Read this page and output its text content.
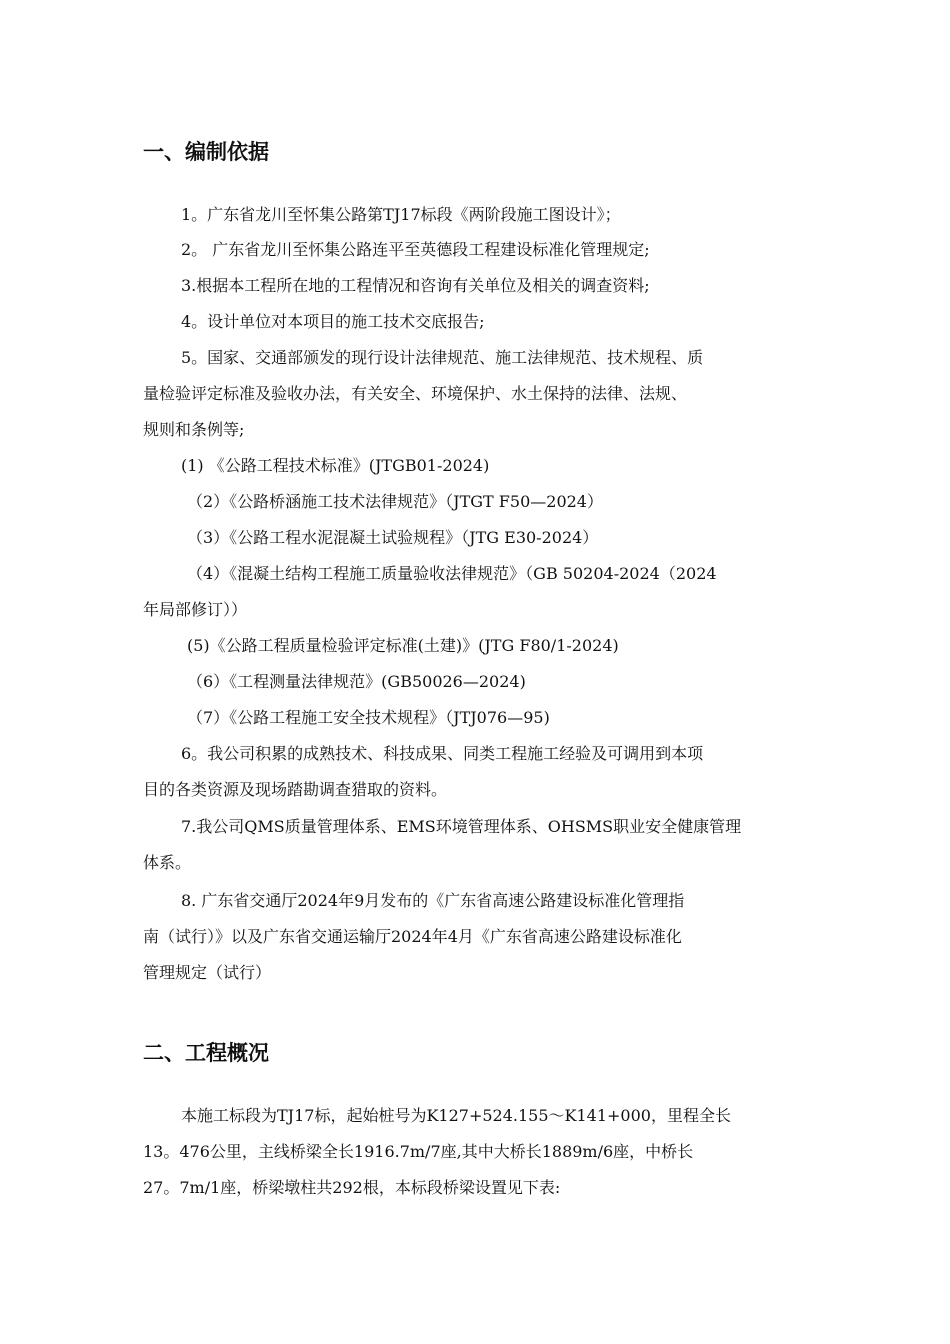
一、编制依据

1。广东省龙川至怀集公路第TJ17标段《两阶段施工图设计》；

2。 广东省龙川至怀集公路连平至英德段工程建设标准化管理规定;

3.根据本工程所在地的工程情况和咨询有关单位及相关的调查资料;

4。设计单位对本项目的施工技术交底报告;

5。国家、交通部颁发的现行设计法律规范、施工法律规范、技术规程、质

量检验评定标准及验收办法，有关安全、环境保护、水土保持的法律、法规、

规则和条例等;

(1) 《公路工程技术标准》(JTGB01-2024)

（2）《公路桥涵施工技术法律规范》（JTGT F50—2024）

（3）《公路工程水泥混凝土试验规程》（JTG E30-2024）

（4）《混凝土结构工程施工质量验收法律规范》（GB 50204-2024（2024

年局部修订））

(5)《公路工程质量检验评定标准(土建)》(JTG F80/1-2024)

（6）《工程测量法律规范》(GB50026—2024)

（7）《公路工程施工安全技术规程》（JTJ076—95)

6。我公司积累的成熟技术、科技成果、同类工程施工经验及可调用到本项

目的各类资源及现场踏勘调查猎取的资料。

7.我公司QMS质量管理体系、EMS环境管理体系、OHSMS职业安全健康管理

体系。

8. 广东省交通厅2024年9月发布的《广东省高速公路建设标准化管理指

南（试行）》以及广东省交通运输厅2024年4月《广东省高速公路建设标准化

管理规定（试行）

二、工程概况

本施工标段为TJ17标，起始桩号为K127+524.155～K141+000，里程全长

13。476公里，主线桥梁全长1916.7m/7座,其中大桥长1889m/6座，中桥长

27。7m/1座，桥梁墩柱共292根，本标段桥梁设置见下表:
